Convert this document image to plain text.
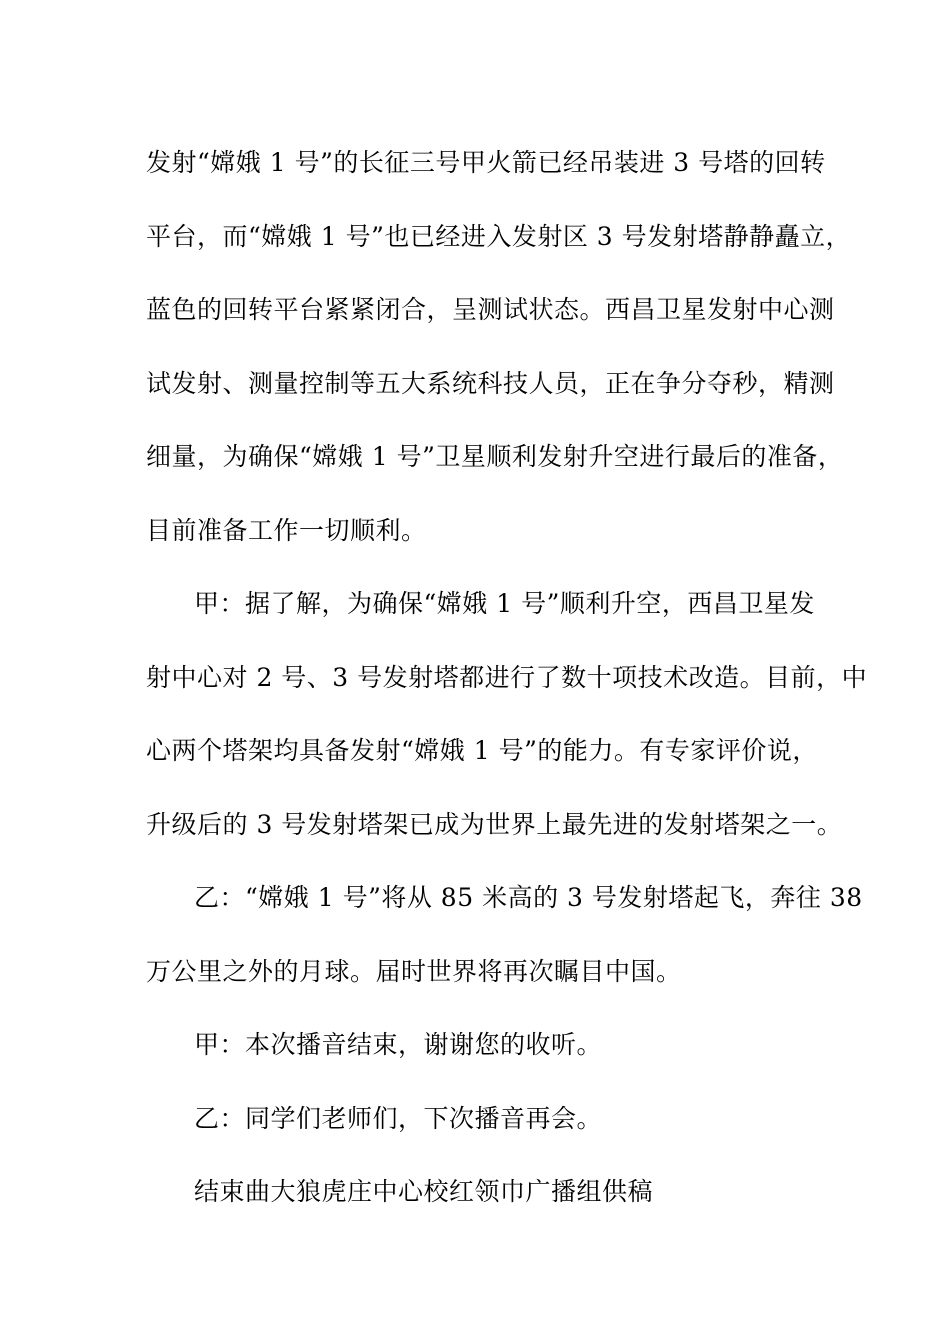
发射“嫦娥 1 号”的长征三号甲火箭已经吊装进 3 号塔的回转
平台，而“嫦娥 1 号”也已经进入发射区 3 号发射塔静静矗立，
蓝色的回转平台紧紧闭合，呈测试状态。西昌卫星发射中心测
试发射、测量控制等五大系统科技人员，正在争分夺秒，精测
细量，为确保“嫦娥 1 号”卫星顺利发射升空进行最后的准备，
目前准备工作一切顺利。
甲：据了解，为确保“嫦娥 1 号”顺利升空，西昌卫星发
射中心对 2 号、3 号发射塔都进行了数十项技术改造。目前，中
心两个塔架均具备发射“嫦娥 1 号”的能力。有专家评价说，
升级后的 3 号发射塔架已成为世界上最先进的发射塔架之一。
乙：“嫦娥 1 号”将从 85 米高的 3 号发射塔起飞，奔往 38
万公里之外的月球。届时世界将再次瞩目中国。
甲：本次播音结束，谢谢您的收听。
乙：同学们老师们，下次播音再会。
结束曲大狼虎庄中心校红领巾广播组供稿
